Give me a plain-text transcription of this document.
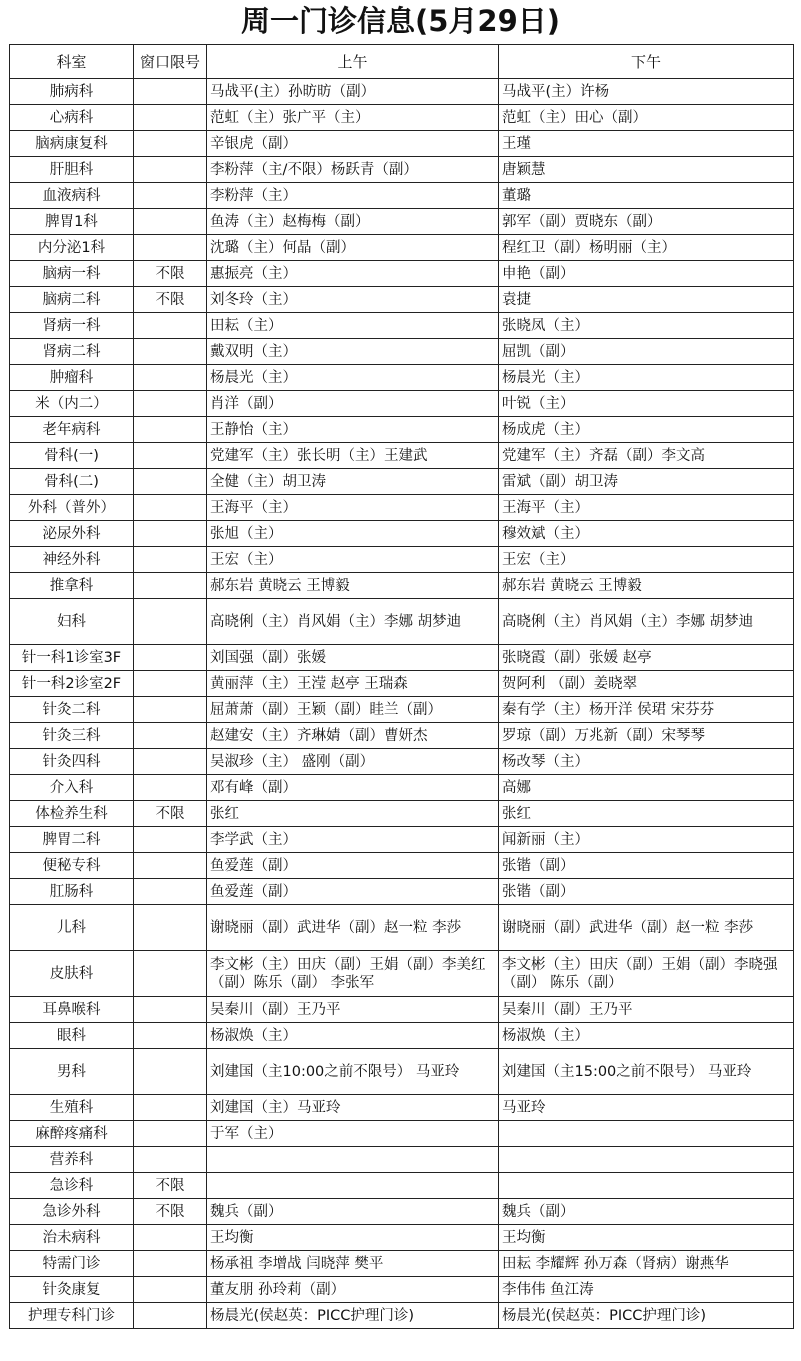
周一门诊信息(5月29日)
科室	窗口限号	上午	下午
肺病科		马战平(主）孙昉昉（副）	马战平(主）许杨
心病科		范虹（主）张广平（主）	范虹（主）田心（副）
脑病康复科		辛银虎（副）	王瑾
肝胆科		李粉萍（主/不限）杨跃青（副）	唐颖慧
血液病科		李粉萍（主）	董璐
脾胃1科		鱼涛（主）赵梅梅（副）	郭军（副）贾晓东（副）
内分泌1科		沈璐（主）何晶（副）	程红卫（副）杨明丽（主）
脑病一科	不限	惠振亮（主）	申艳（副）
脑病二科	不限	刘冬玲（主）	袁捷
肾病一科		田耘（主）	张晓凤（主）
肾病二科		戴双明（主）	屈凯（副）
肿瘤科		杨晨光（主）	杨晨光（主）
米（内二）		肖洋（副）	叶锐（主）
老年病科		王静怡（主）	杨成虎（主）
骨科(一)		党建军（主）张长明（主）王建武	党建军（主）齐磊（副）李文高
骨科(二)		全健（主）胡卫涛	雷斌（副）胡卫涛
外科（普外）		王海平（主）	王海平（主）
泌尿外科		张旭（主）	穆效斌（主）
神经外科		王宏（主）	王宏（主）
推拿科		郝东岩 黄晓云 王博毅	郝东岩 黄晓云 王博毅
妇科		高晓俐（主）肖风娟（主）李娜 胡梦迪	高晓俐（主）肖风娟（主）李娜 胡梦迪
针一科1诊室3F		刘国强（副）张媛	张晓霞（副）张媛 赵亭
针一科2诊室2F		黄丽萍（主）王滢 赵亭 王瑞森	贺阿利 （副）姜晓翠
针灸二科		屈萧萧（副）王颖（副）眭兰（副）	秦有学（主）杨开洋 侯珺 宋芬芬
针灸三科		赵建安（主）齐琳婧（副）曹妍杰	罗琼（副）万兆新（副）宋琴琴
针灸四科		吴淑珍（主） 盛刚（副）	杨改琴（主）
介入科		邓有峰（副）	高娜
体检养生科	不限	张红	张红
脾胃二科		李学武（主）	闻新丽（主）
便秘专科		鱼爱莲（副）	张锴（副）
肛肠科		鱼爱莲（副）	张锴（副）
儿科		谢晓丽（副）武进华（副）赵一粒 李莎	谢晓丽（副）武进华（副）赵一粒 李莎
皮肤科		李文彬（主）田庆（副）王娟（副）李美红（副）陈乐（副） 李张军	李文彬（主）田庆（副）王娟（副）李晓强（副） 陈乐（副）
耳鼻喉科		吴秦川（副）王乃平	吴秦川（副）王乃平
眼科		杨淑焕（主）	杨淑焕（主）
男科		刘建国（主10:00之前不限号） 马亚玲	刘建国（主15:00之前不限号） 马亚玲
生殖科		刘建国（主）马亚玲	马亚玲
麻醉疼痛科		于军（主）	
营养科			
急诊科	不限		
急诊外科	不限	魏兵（副）	魏兵（副）
治未病科		王均衡	王均衡
特需门诊		杨承祖 李增战 闫晓萍 樊平	田耘 李耀辉 孙万森（肾病）谢燕华
针灸康复		董友朋 孙玲莉（副）	李伟伟 鱼江涛
护理专科门诊		杨晨光(侯赵英：PICC护理门诊)	杨晨光(侯赵英：PICC护理门诊)
